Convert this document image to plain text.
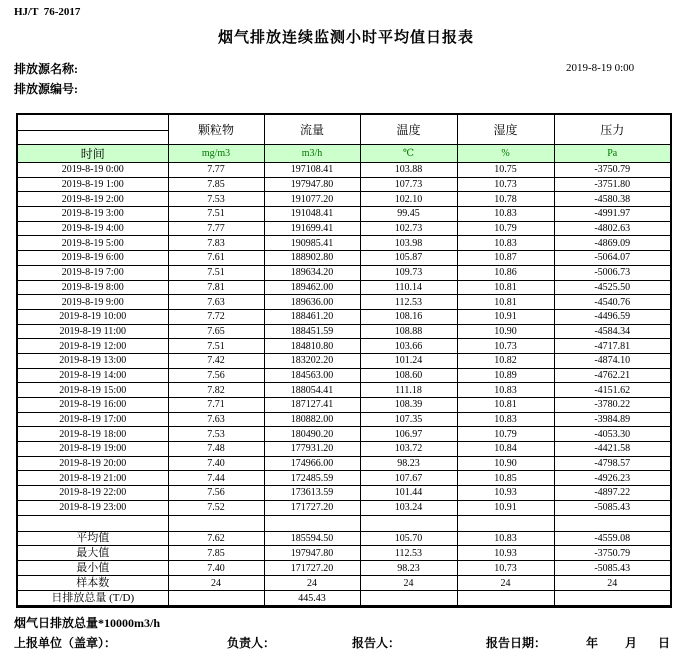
HJ/T  76-2017
烟气排放连续监测小时平均值日报表
排放源名称:
排放源编号:
2019-8-19 0:00
	颗粒物	流量	温度	湿度	压力

时间	mg/m3	m3/h	℃	%	Pa
2019-8-19 0:00	7.77	197108.41	103.88	10.75	-3750.79
2019-8-19 1:00	7.85	197947.80	107.73	10.73	-3751.80
2019-8-19 2:00	7.53	191077.20	102.10	10.78	-4580.38
2019-8-19 3:00	7.51	191048.41	99.45	10.83	-4991.97
2019-8-19 4:00	7.77	191699.41	102.73	10.79	-4802.63
2019-8-19 5:00	7.83	190985.41	103.98	10.83	-4869.09
2019-8-19 6:00	7.61	188902.80	105.87	10.87	-5064.07
2019-8-19 7:00	7.51	189634.20	109.73	10.86	-5006.73
2019-8-19 8:00	7.81	189462.00	110.14	10.81	-4525.50
2019-8-19 9:00	7.63	189636.00	112.53	10.81	-4540.76
2019-8-19 10:00	7.72	188461.20	108.16	10.91	-4496.59
2019-8-19 11:00	7.65	188451.59	108.88	10.90	-4584.34
2019-8-19 12:00	7.51	184810.80	103.66	10.73	-4717.81
2019-8-19 13:00	7.42	183202.20	101.24	10.82	-4874.10
2019-8-19 14:00	7.56	184563.00	108.60	10.89	-4762.21
2019-8-19 15:00	7.82	188054.41	111.18	10.83	-4151.62
2019-8-19 16:00	7.71	187127.41	108.39	10.81	-3780.22
2019-8-19 17:00	7.63	180882.00	107.35	10.83	-3984.89
2019-8-19 18:00	7.53	180490.20	106.97	10.79	-4053.30
2019-8-19 19:00	7.48	177931.20	103.72	10.84	-4421.58
2019-8-19 20:00	7.40	174966.00	98.23	10.90	-4798.57
2019-8-19 21:00	7.44	172485.59	107.67	10.85	-4926.23
2019-8-19 22:00	7.56	173613.59	101.44	10.93	-4897.22
2019-8-19 23:00	7.52	171727.20	103.24	10.91	-5085.43

平均值	7.62	185594.50	105.70	10.83	-4559.08
最大值	7.85	197947.80	112.53	10.93	-3750.79
最小值	7.40	171727.20	98.23	10.73	-5085.43
样本数	24	24	24	24	24
日排放总量 (T/D)		445.43			
烟气日排放总量*10000m3/h
上报单位（盖章）：	负责人：	报告人：	报告日期：	年 月 日
